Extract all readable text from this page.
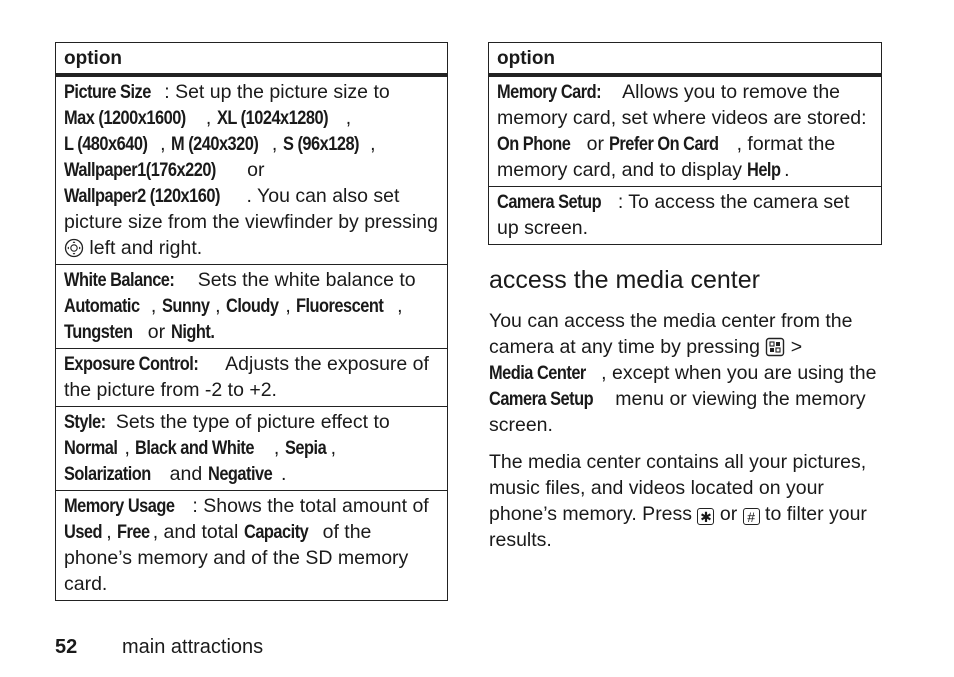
option
Picture Size : Set up the picture size to Max (1200x1600) , XL (1024x1280) , L (480x640) , M (240x320) , S (96x128) , Wallpaper1(176x220) or Wallpaper2 (120x160) . You can also set picture size from the viewfinder by pressing  left and right.
White Balance: Sets the white balance to Automatic , Sunny , Cloudy , Fluorescent , Tungsten or Night.
Exposure Control: Adjusts the exposure of the picture from -2 to +2.
Style: Sets the type of picture effect to Normal , Black and White , Sepia , Solarization and Negative .
Memory Usage : Shows the total amount of Used , Free , and total Capacity of the phone’s memory and of the SD memory card.
option
Memory Card: Allows you to remove the memory card, set where videos are stored: On Phone or Prefer On Card , format the memory card, and to display Help .
Camera Setup : To access the camera set up screen.
access the media center

You can access the media center from the camera at any time by pressing  > Media Center , except when you are using the Camera Setup menu or viewing the memory screen.

The media center contains all your pictures, music files, and videos located on your phone’s memory. Press ✱ or # to filter your results.

52 main attractions
